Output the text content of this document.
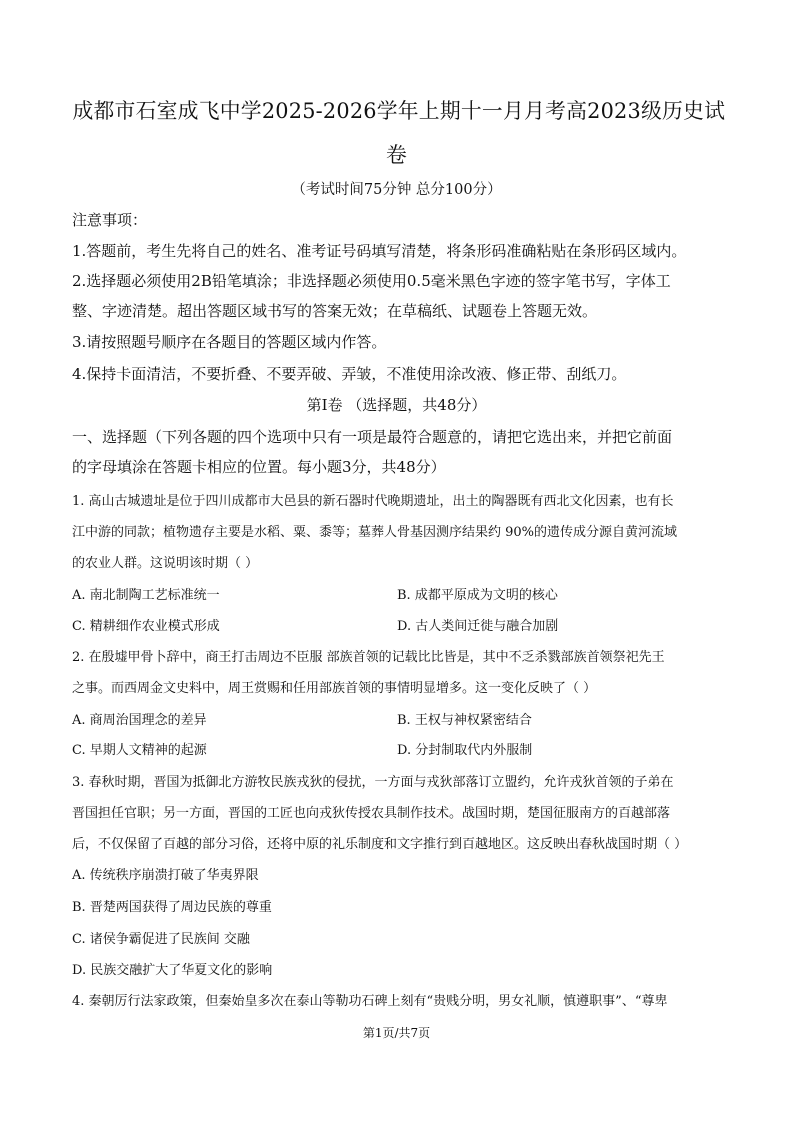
成都市石室成飞中学2025-2026学年上期十一月月考高2023级历史试
卷
（考试时间75分钟 总分100分）
注意事项：
1.答题前，考生先将自己的姓名、准考证号码填写清楚，将条形码准确粘贴在条形码区域内。
2.选择题必须使用2B铅笔填涂；非选择题必须使用0.5毫米黑色字迹的签字笔书写，字体工
整、字迹清楚。超出答题区域书写的答案无效；在草稿纸、试题卷上答题无效。
3.请按照题号顺序在各题目的答题区域内作答。
4.保持卡面清洁，不要折叠、不要弄破、弄皱，不准使用涂改液、修正带、刮纸刀。
第Ⅰ卷 （选择题，共48分）
一、选择题（下列各题的四个选项中只有一项是最符合题意的，请把它选出来，并把它前面
的字母填涂在答题卡相应的位置。每小题3分，共48分）
1. 高山古城遗址是位于四川成都市大邑县的新石器时代晚期遗址，出土的陶器既有西北文化因素，也有长
江中游的同款；植物遗存主要是水稻、粟、黍等；墓葬人骨基因测序结果约 90%的遗传成分源自黄河流域
的农业人群。这说明该时期（ ）
A. 南北制陶工艺标准统一	B. 成都平原成为文明的核心
C. 精耕细作农业模式形成	D. 古人类间迁徙与融合加剧
2. 在殷墟甲骨卜辞中，商王打击周边不臣服 部族首领的记载比比皆是，其中不乏杀戮部族首领祭祀先王
之事。而西周金文史料中，周王赏赐和任用部族首领的事情明显增多。这一变化反映了（ ）
A. 商周治国理念的差异	B. 王权与神权紧密结合
C. 早期人文精神的起源	D. 分封制取代内外服制
3. 春秋时期，晋国为抵御北方游牧民族戎狄的侵扰，一方面与戎狄部落订立盟约，允许戎狄首领的子弟在
晋国担任官职；另一方面，晋国的工匠也向戎狄传授农具制作技术。战国时期，楚国征服南方的百越部落
后，不仅保留了百越的部分习俗，还将中原的礼乐制度和文字推行到百越地区。这反映出春秋战国时期（ ）
A. 传统秩序崩溃打破了华夷界限
B. 晋楚两国获得了周边民族的尊重
C. 诸侯争霸促进了民族间 交融
D. 民族交融扩大了华夏文化的影响
4. 秦朝厉行法家政策，但秦始皇多次在泰山等勒功石碑上刻有“贵贱分明，男女礼顺，慎遵职事”、“尊卑
第1页/共7页
